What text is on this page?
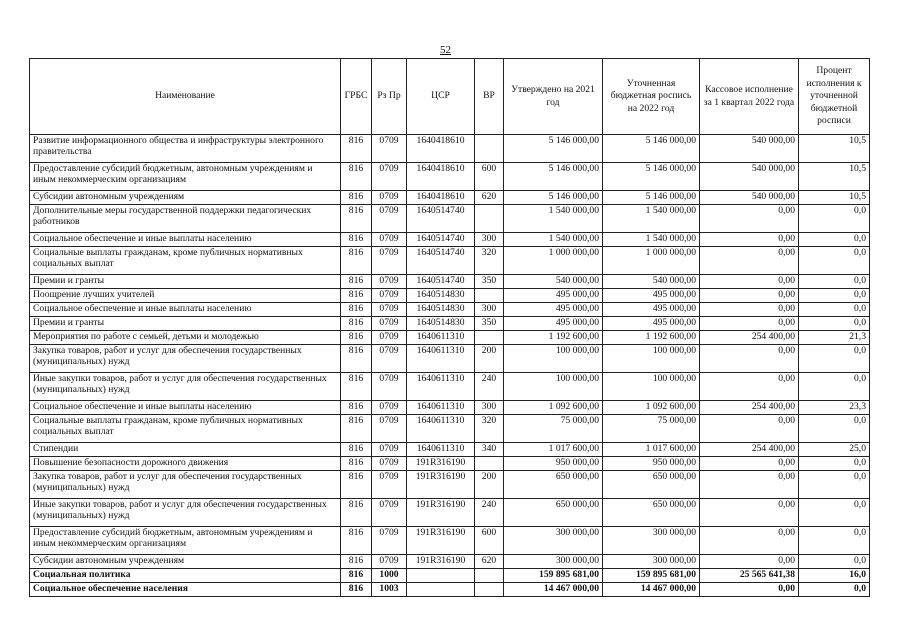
52
Наименование	ГРБС	Рз Пр	ЦСР	ВР	Утверждено на 2021 год	Уточненная бюджетная роспись на 2022 год	Кассовое исполнение за 1 квартал 2022 года	Процент исполнения к уточненной бюджетной росписи
Развитие информационного общества и инфраструктуры электронного правительства	816	0709	1640418610		5 146 000,00	5 146 000,00	540 000,00	10,5
Предоставление субсидий бюджетным, автономным учреждениям и иным некоммерческим организациям	816	0709	1640418610	600	5 146 000,00	5 146 000,00	540 000,00	10,5
Субсидии автономным учреждениям	816	0709	1640418610	620	5 146 000,00	5 146 000,00	540 000,00	10,5
Дополнительные меры государственной поддержки педагогических работников	816	0709	1640514740		1 540 000,00	1 540 000,00	0,00	0,0
Социальное обеспечение и иные выплаты населению	816	0709	1640514740	300	1 540 000,00	1 540 000,00	0,00	0,0
Социальные выплаты гражданам, кроме публичных нормативных социальных выплат	816	0709	1640514740	320	1 000 000,00	1 000 000,00	0,00	0,0
Премии и гранты	816	0709	1640514740	350	540 000,00	540 000,00	0,00	0,0
Поощрение лучших учителей	816	0709	1640514830		495 000,00	495 000,00	0,00	0,0
Социальное обеспечение и иные выплаты населению	816	0709	1640514830	300	495 000,00	495 000,00	0,00	0,0
Премии и гранты	816	0709	1640514830	350	495 000,00	495 000,00	0,00	0,0
Мероприятия по работе с семьей, детьми и молодежью	816	0709	1640611310		1 192 600,00	1 192 600,00	254 400,00	21,3
Закупка товаров, работ и услуг для обеспечения государственных (муниципальных) нужд	816	0709	1640611310	200	100 000,00	100 000,00	0,00	0,0
Иные закупки товаров, работ и услуг для обеспечения государственных (муниципальных) нужд	816	0709	1640611310	240	100 000,00	100 000,00	0,00	0,0
Социальное обеспечение и иные выплаты населению	816	0709	1640611310	300	1 092 600,00	1 092 600,00	254 400,00	23,3
Социальные выплаты гражданам, кроме публичных нормативных социальных выплат	816	0709	1640611310	320	75 000,00	75 000,00	0,00	0,0
Стипендии	816	0709	1640611310	340	1 017 600,00	1 017 600,00	254 400,00	25,0
Повышение безопасности дорожного движения	816	0709	191R316190		950 000,00	950 000,00	0,00	0,0
Закупка товаров, работ и услуг для обеспечения государственных (муниципальных) нужд	816	0709	191R316190	200	650 000,00	650 000,00	0,00	0,0
Иные закупки товаров, работ и услуг для обеспечения государственных (муниципальных) нужд	816	0709	191R316190	240	650 000,00	650 000,00	0,00	0,0
Предоставление субсидий бюджетным, автономным учреждениям и иным некоммерческим организациям	816	0709	191R316190	600	300 000,00	300 000,00	0,00	0,0
Субсидии автономным учреждениям	816	0709	191R316190	620	300 000,00	300 000,00	0,00	0,0
Социальная политика	816	1000			159 895 681,00	159 895 681,00	25 565 641,38	16,0
Социальное обеспечение населения	816	1003			14 467 000,00	14 467 000,00	0,00	0,0
